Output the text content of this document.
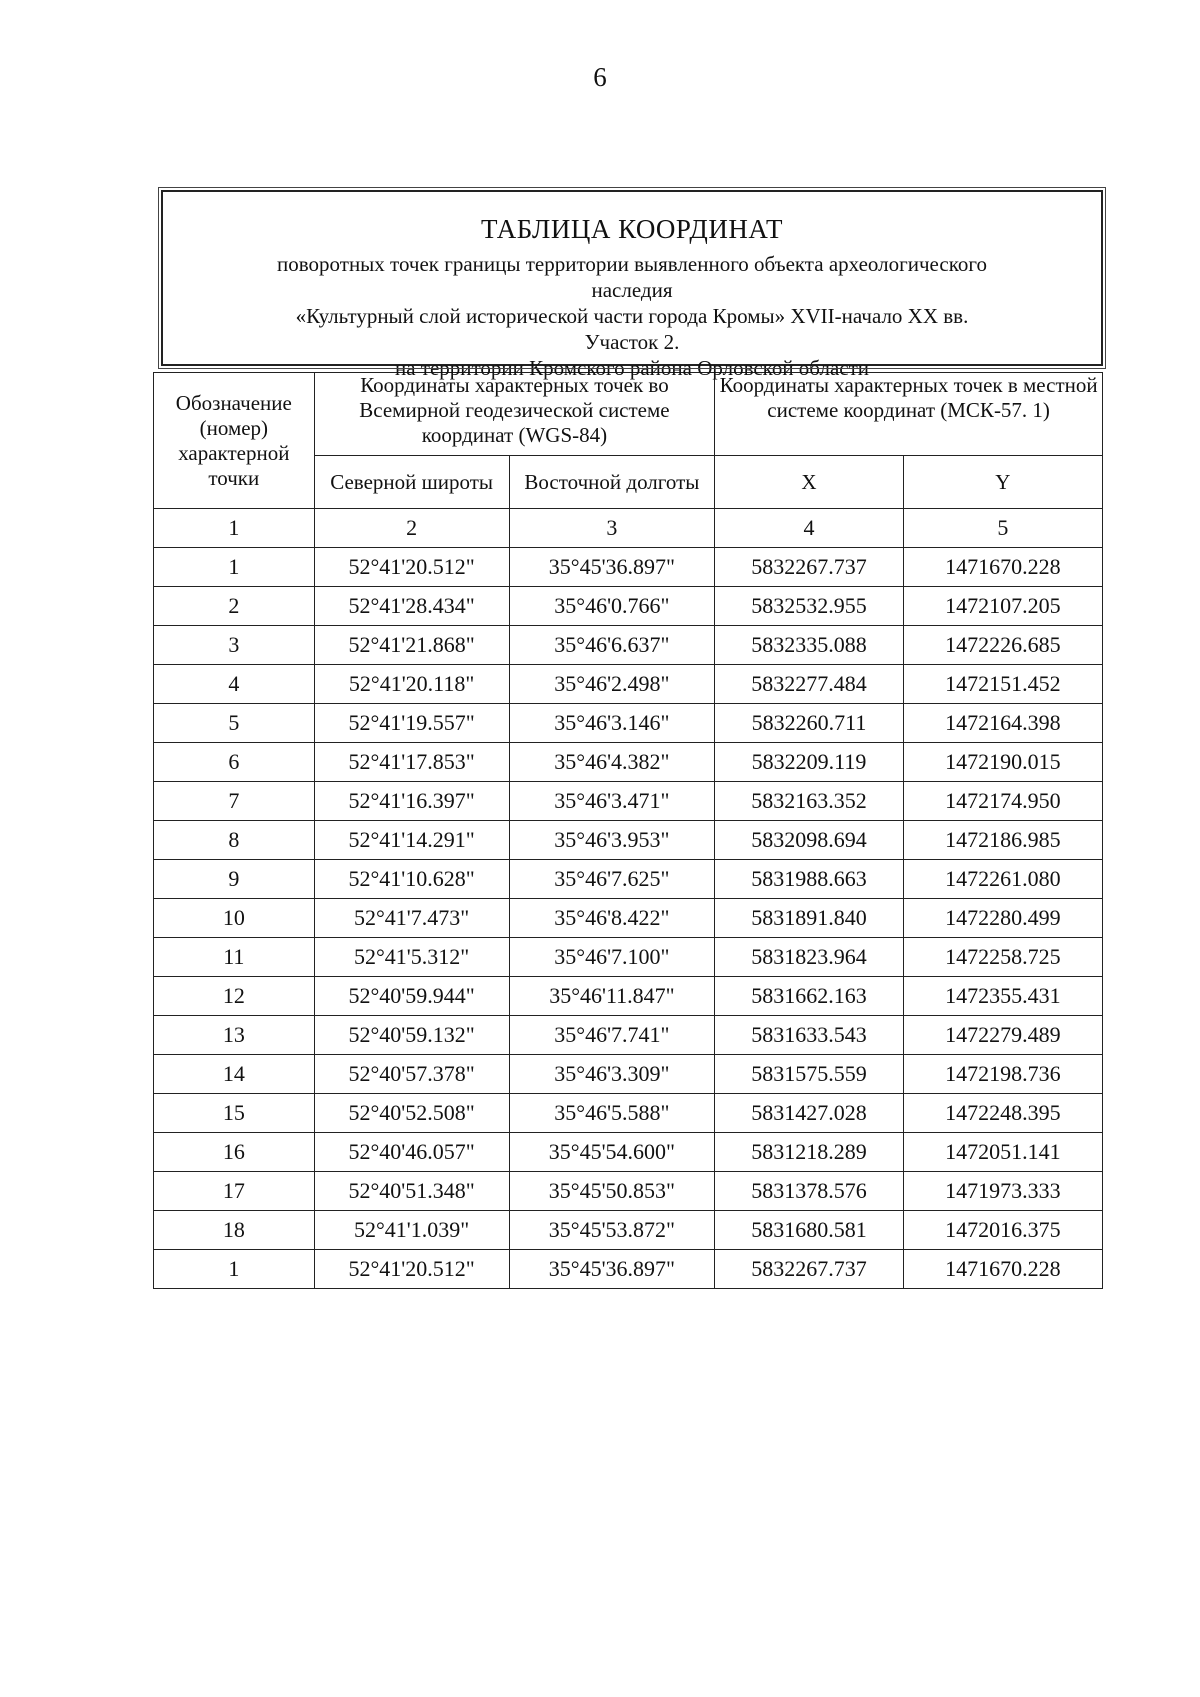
6
ТАБЛИЦА КООРДИНАТ
поворотных точек границы территории выявленного объекта археологического
наследия
«Культурный слой исторической части города Кромы» XVII-начало XX вв.
Участок 2.
на территории Кромского района Орловской области
Обозначение (номер) характерной точки	Координаты характерных точек во Всемирной геодезической системе координат (WGS-84)		Координаты характерных точек в местной системе координат (МСК-57. 1)	
	Северной широты	Восточной долготы	X	Y
1	2	3	4	5
1	52°41'20.512"	35°45'36.897"	5832267.737	1471670.228
2	52°41'28.434"	35°46'0.766"	5832532.955	1472107.205
3	52°41'21.868"	35°46'6.637"	5832335.088	1472226.685
4	52°41'20.118"	35°46'2.498"	5832277.484	1472151.452
5	52°41'19.557"	35°46'3.146"	5832260.711	1472164.398
6	52°41'17.853"	35°46'4.382"	5832209.119	1472190.015
7	52°41'16.397"	35°46'3.471"	5832163.352	1472174.950
8	52°41'14.291"	35°46'3.953"	5832098.694	1472186.985
9	52°41'10.628"	35°46'7.625"	5831988.663	1472261.080
10	52°41'7.473"	35°46'8.422"	5831891.840	1472280.499
11	52°41'5.312"	35°46'7.100"	5831823.964	1472258.725
12	52°40'59.944"	35°46'11.847"	5831662.163	1472355.431
13	52°40'59.132"	35°46'7.741"	5831633.543	1472279.489
14	52°40'57.378"	35°46'3.309"	5831575.559	1472198.736
15	52°40'52.508"	35°46'5.588"	5831427.028	1472248.395
16	52°40'46.057"	35°45'54.600"	5831218.289	1472051.141
17	52°40'51.348"	35°45'50.853"	5831378.576	1471973.333
18	52°41'1.039"	35°45'53.872"	5831680.581	1472016.375
1	52°41'20.512"	35°45'36.897"	5832267.737	1471670.228
